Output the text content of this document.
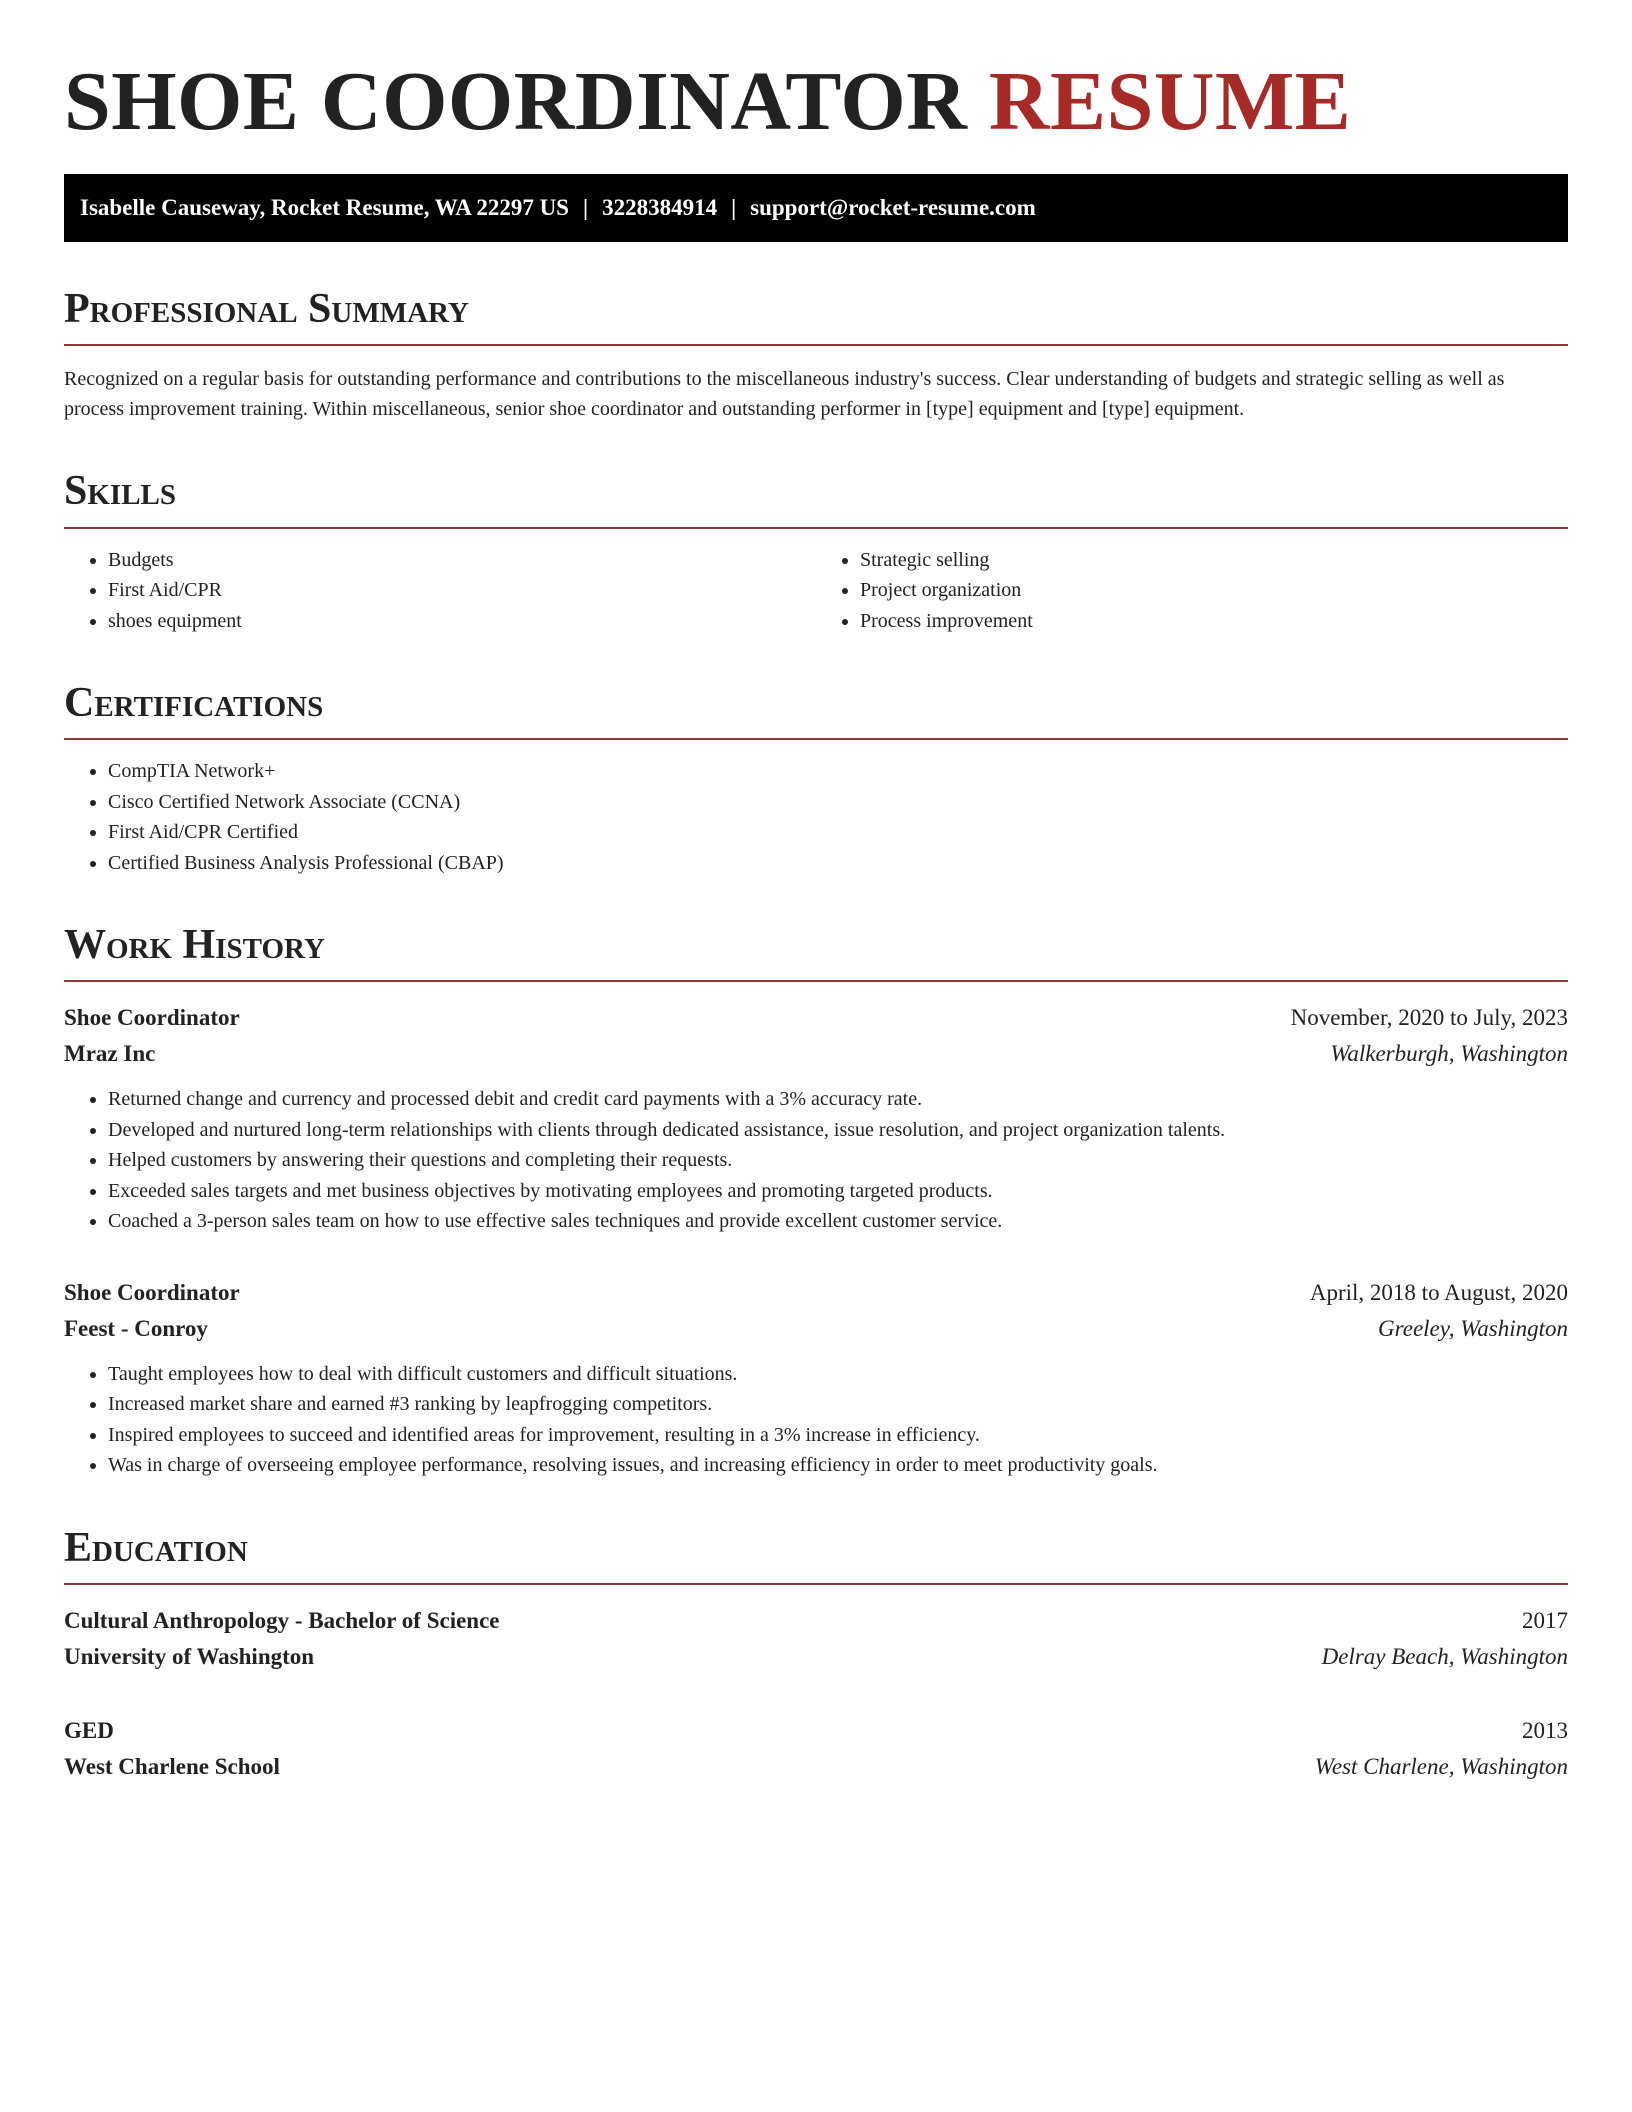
SHOE COORDINATOR RESUME
Isabelle Causeway, Rocket Resume, WA 22297 US | 3228384914 | support@rocket-resume.com
Professional Summary

Recognized on a regular basis for outstanding performance and contributions to the miscellaneous industry's success. Clear understanding of budgets and strategic selling as well as process improvement training. Within miscellaneous, senior shoe coordinator and outstanding performer in [type] equipment and [type] equipment.

Skills
• Budgets
• First Aid/CPR
• shoes equipment
• Strategic selling
• Project organization
• Process improvement
Certifications
• CompTIA Network+
• Cisco Certified Network Associate (CCNA)
• First Aid/CPR Certified
• Certified Business Analysis Professional (CBAP)
Work History
Shoe Coordinator	November, 2020 to July, 2023
Mraz Inc	Walkerburgh, Washington
• Returned change and currency and processed debit and credit card payments with a 3% accuracy rate.
• Developed and nurtured long-term relationships with clients through dedicated assistance, issue resolution, and project organization talents.
• Helped customers by answering their questions and completing their requests.
• Exceeded sales targets and met business objectives by motivating employees and promoting targeted products.
• Coached a 3-person sales team on how to use effective sales techniques and provide excellent customer service.
Shoe Coordinator	April, 2018 to August, 2020
Feest - Conroy	Greeley, Washington
• Taught employees how to deal with difficult customers and difficult situations.
• Increased market share and earned #3 ranking by leapfrogging competitors.
• Inspired employees to succeed and identified areas for improvement, resulting in a 3% increase in efficiency.
• Was in charge of overseeing employee performance, resolving issues, and increasing efficiency in order to meet productivity goals.
Education
Cultural Anthropology - Bachelor of Science	2017
University of Washington	Delray Beach, Washington
GED	2013
West Charlene School	West Charlene, Washington
